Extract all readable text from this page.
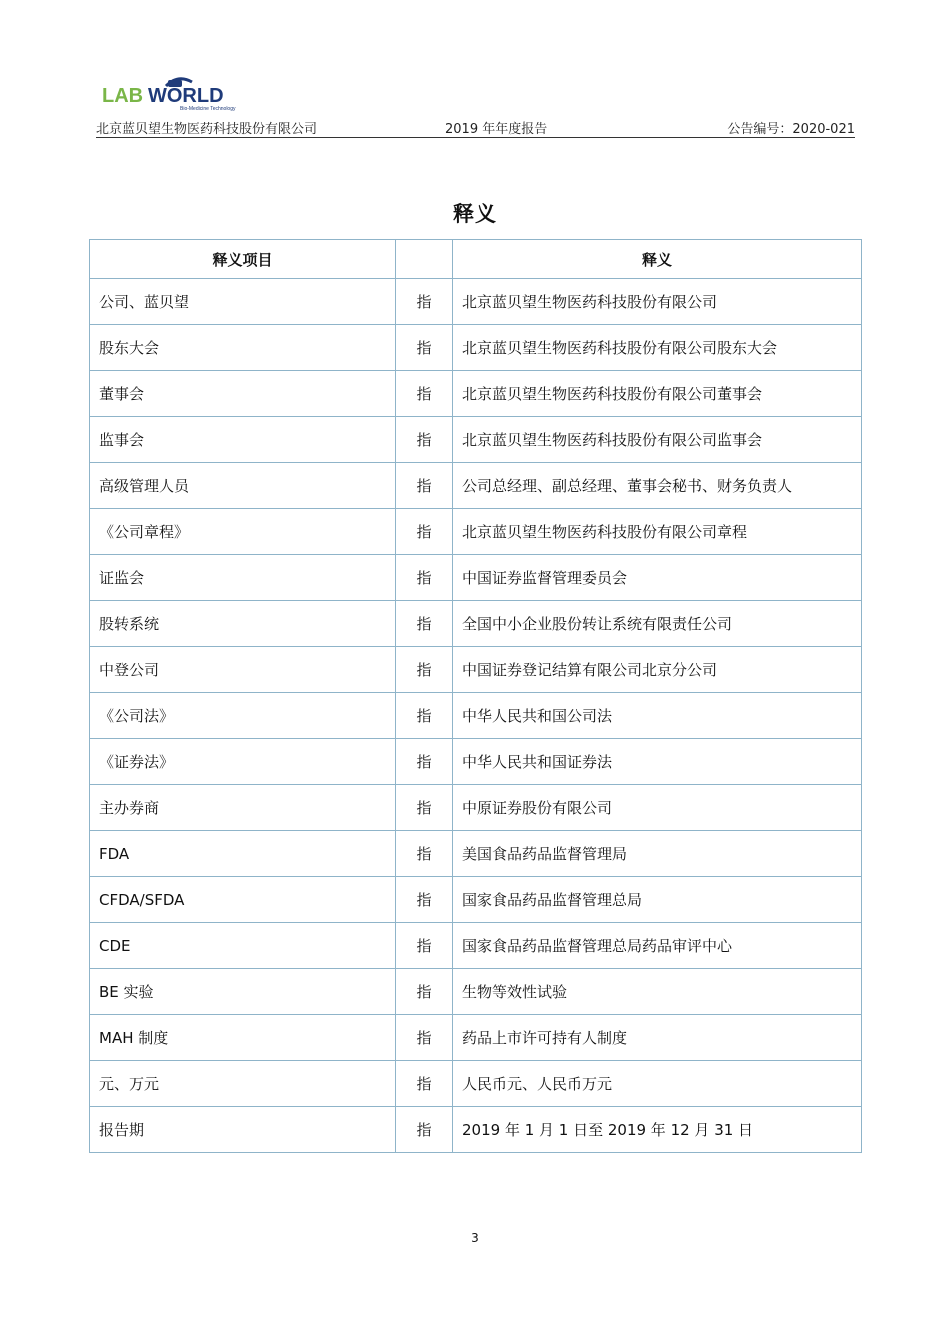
LAB WORLD
Bio-Medicine Technology
北京蓝贝望生物医药科技股份有限公司	2019 年年度报告	公告编号：2020-021
释义
释义项目		释义
公司、蓝贝望	指	北京蓝贝望生物医药科技股份有限公司
股东大会	指	北京蓝贝望生物医药科技股份有限公司股东大会
董事会	指	北京蓝贝望生物医药科技股份有限公司董事会
监事会	指	北京蓝贝望生物医药科技股份有限公司监事会
高级管理人员	指	公司总经理、副总经理、董事会秘书、财务负责人
《公司章程》	指	北京蓝贝望生物医药科技股份有限公司章程
证监会	指	中国证券监督管理委员会
股转系统	指	全国中小企业股份转让系统有限责任公司
中登公司	指	中国证券登记结算有限公司北京分公司
《公司法》	指	中华人民共和国公司法
《证券法》	指	中华人民共和国证券法
主办券商	指	中原证券股份有限公司
FDA	指	美国食品药品监督管理局
CFDA/SFDA	指	国家食品药品监督管理总局
CDE	指	国家食品药品监督管理总局药品审评中心
BE 实验	指	生物等效性试验
MAH 制度	指	药品上市许可持有人制度
元、万元	指	人民币元、人民币万元
报告期	指	2019 年 1 月 1 日至 2019 年 12 月 31 日
3
